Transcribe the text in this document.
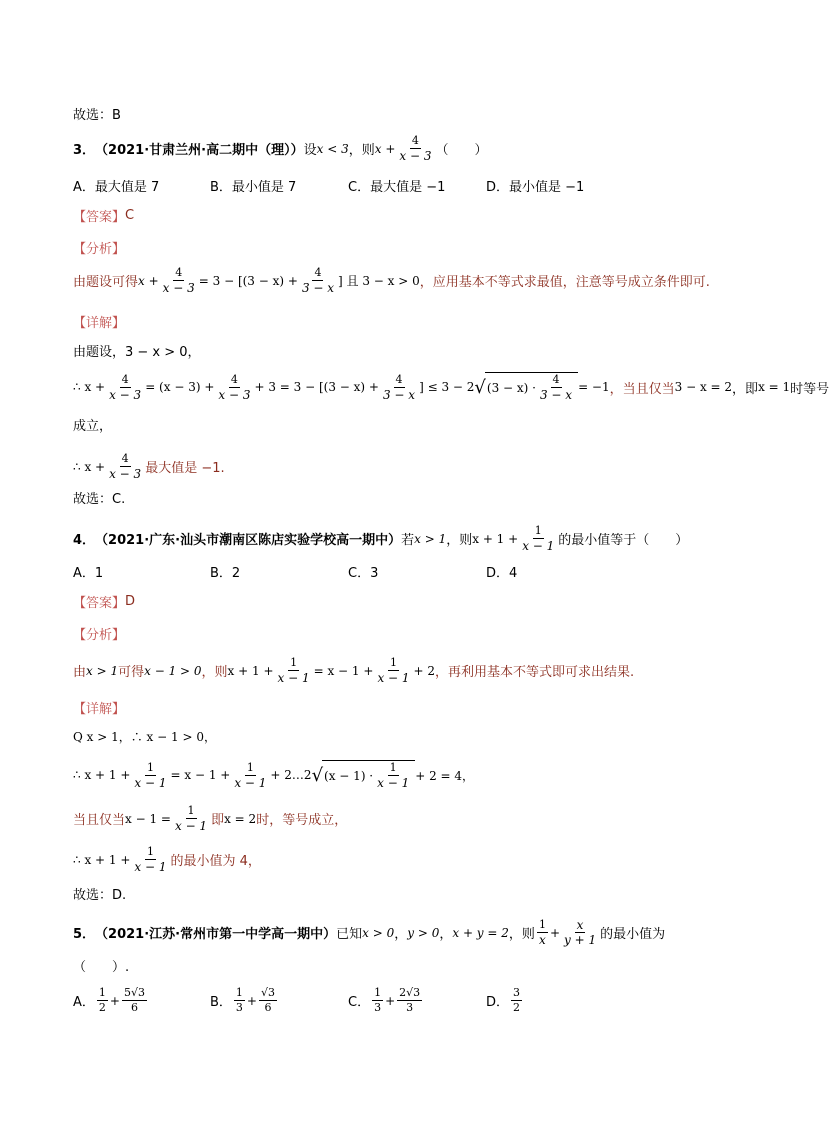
故选：B
3． （2021·甘肃兰州·高二期中（理）） 设 x < 3 ，则 $x + \frac{4}{x - 3}$ （　　）
A．最大值是 7	B．最小值是 7	C．最大值是 −1	D．最小值是 −1
【答案】 C
【分析】
由题设可得 $x + \frac{4}{x - 3} = 3 - [(3 - x) + \frac{4}{3 - x}$ ] 且 3 − x > 0 ，应用基本不等式求最值，注意等号成立条件即可.
【详解】
由题设，3 − x > 0，
∴ $x + \frac{4}{x - 3} = (x - 3) + \frac{4}{x - 3} + 3 = 3 - [(3 - x) + \frac{4}{3 - x}$ ] ≤ 3 − 2 √ (3 − x) ·
4
3 − x
= −1 ，当且仅当 3 − x = 2 ，即 x = 1 时等号
成立，
∴ $x + \frac{4}{x - 3}$ 最大值是 −1.
故选：C.
4． （2021·广东·汕头市潮南区陈店实验学校高一期中） 若 x > 1 ，则 $x + 1 + \frac{1}{x - 1}$ 的最小值等于（　　）
A．1	B．2	C．3	D．4
【答案】 D
【分析】
由 x > 1 可得 x − 1 > 0 ，则 $x + 1 + \frac{1}{x - 1} = x - 1 + \frac{1}{x - 1} + 2$ ，再利用基本不等式即可求出结果.
【详解】
Q x > 1，∴ x − 1 > 0，
∴ $x + 1 + \frac{1}{x - 1} = x - 1 + \frac{1}{x - 1}$ + 2…2 √ (x − 1) ·
1
x − 1
+ 2 = 4，
当且仅当 $x - 1 = \frac{1}{x - 1}$ 即 x = 2 时，等号成立，
∴ $x + 1 + \frac{1}{x - 1}$ 的最小值为 4，
故选：D.
5． （2021·江苏·常州市第一中学高一期中） 已知 x > 0 ， y > 0 ， x + y = 2 ，则
1
x
+ $\frac{x}{y + 1}$ 的最小值为
（　　）.
A．
1
$2 + \frac{5√3}{6}$	B．
1
$3 + \frac{√3}{6}$	C．
1
$3 + \frac{2√3}{3}$	D．
3
2
